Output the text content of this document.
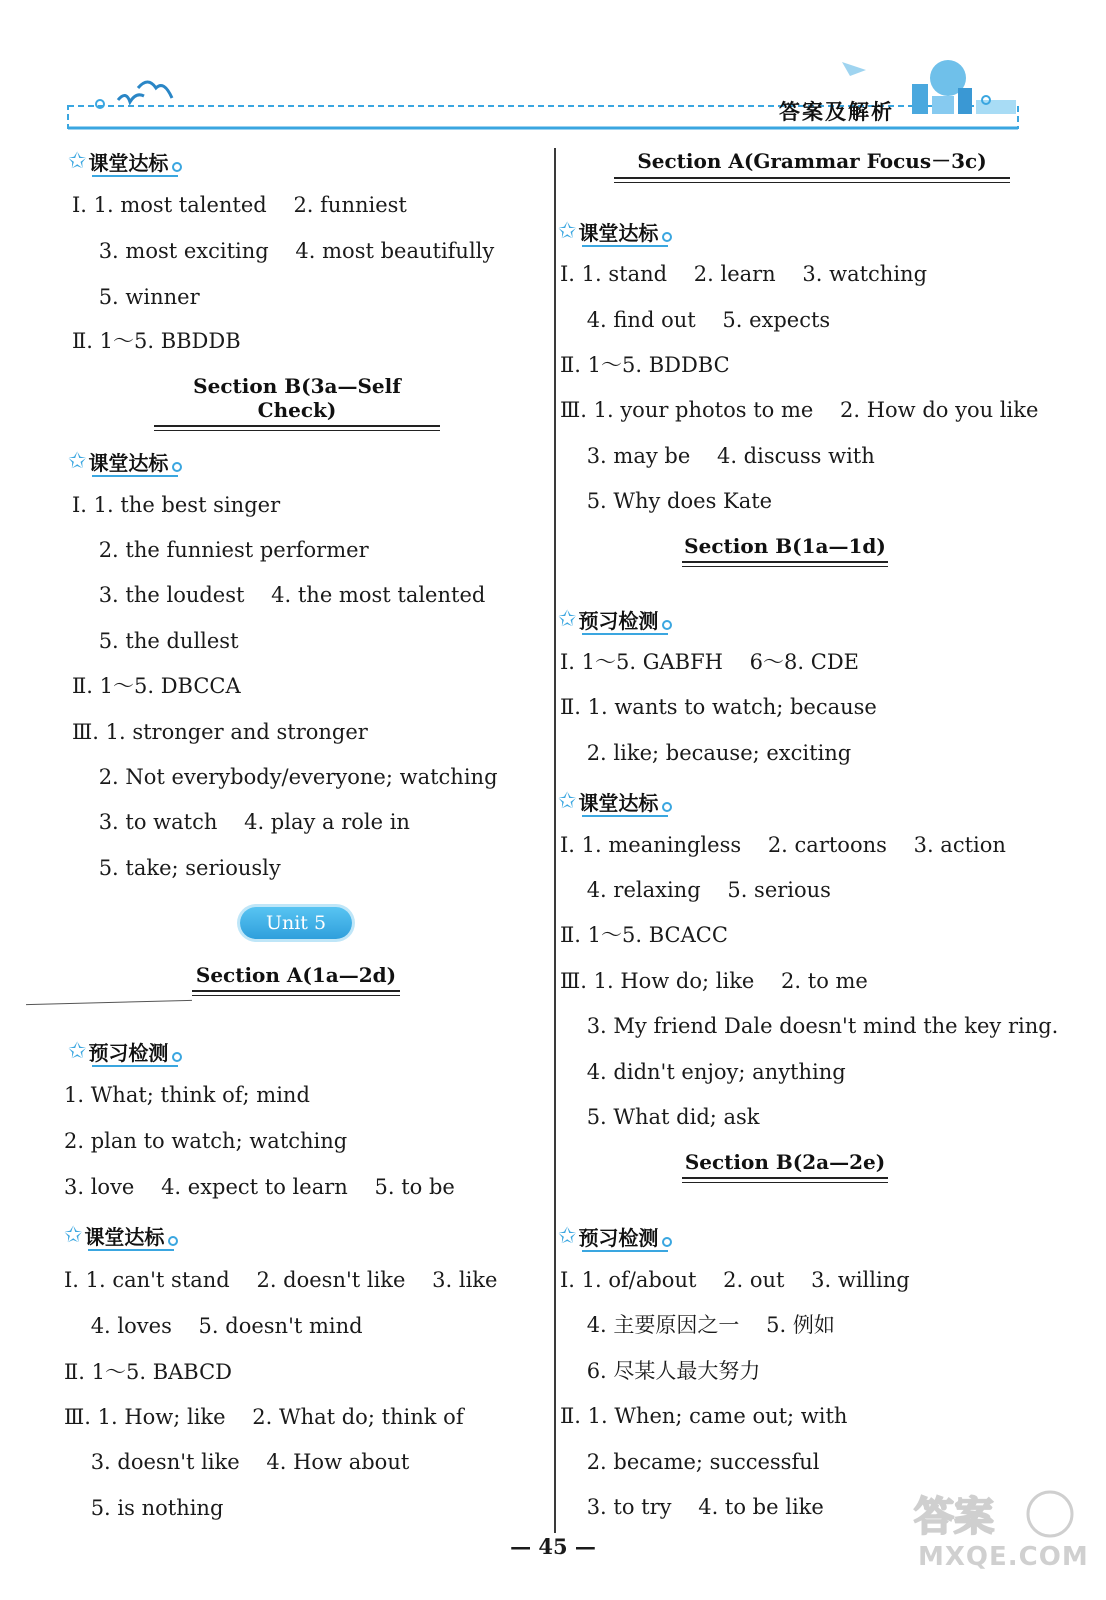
答案及解析
✩ 课堂达标
Ⅰ. 1. most talented    2. funniest
3. most exciting    4. most beautifully
5. winner
Ⅱ. 1～5. BBDDB
Section B(3a—Self Check)
✩ 课堂达标
Ⅰ. 1. the best singer
2. the funniest performer
3. the loudest    4. the most talented
5. the dullest
Ⅱ. 1～5. DBCCA
Ⅲ. 1. stronger and stronger
2. Not everybody/everyone; watching
3. to watch    4. play a role in
5. take; seriously
Unit 5
Section A(1a—2d)
✩ 预习检测
1. What; think of; mind
2. plan to watch; watching
3. love    4. expect to learn    5. to be
✩ 课堂达标
Ⅰ. 1. can't stand    2. doesn't like    3. like
4. loves    5. doesn't mind
Ⅱ. 1～5. BABCD
Ⅲ. 1. How; like    2. What do; think of
3. doesn't like    4. How about
5. is nothing
Section A(Grammar Focus－3c)
✩ 课堂达标
Ⅰ. 1. stand    2. learn    3. watching
4. find out    5. expects
Ⅱ. 1～5. BDDBC
Ⅲ. 1. your photos to me    2. How do you like
3. may be    4. discuss with
5. Why does Kate
Section B(1a—1d)
✩ 预习检测
Ⅰ. 1～5. GABFH    6～8. CDE
Ⅱ. 1. wants to watch; because
2. like; because; exciting
✩ 课堂达标
Ⅰ. 1. meaningless    2. cartoons    3. action
4. relaxing    5. serious
Ⅱ. 1～5. BCACC
Ⅲ. 1. How do; like    2. to me
3. My friend Dale doesn't mind the key ring.
4. didn't enjoy; anything
5. What did; ask
Section B(2a—2e)
✩ 预习检测
Ⅰ. 1. of/about    2. out    3. willing
4. 主要原因之一    5. 例如
6. 尽某人最大努力
Ⅱ. 1. When; came out; with
2. became; successful
3. to try    4. to be like
— 45 —
答案
MXQE.COM
